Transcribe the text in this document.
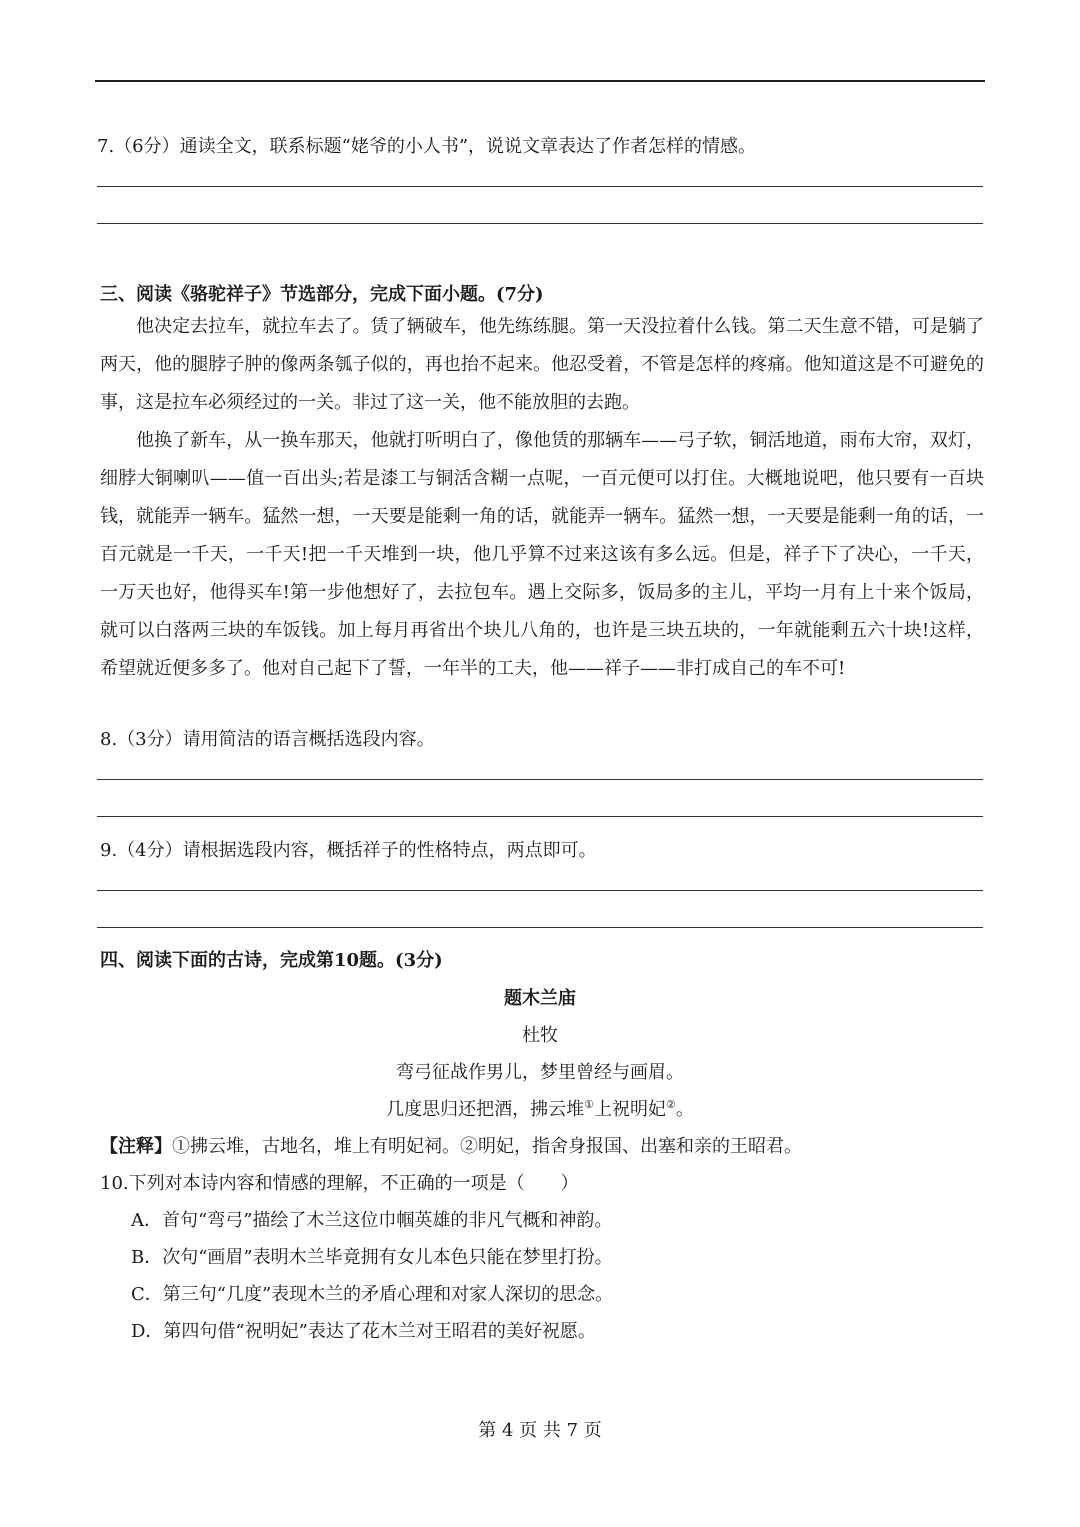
7.（6分）通读全文，联系标题“姥爷的小人书”，说说文章表达了作者怎样的情感。
三、阅读《骆驼祥子》节选部分，完成下面小题。(7分)

他决定去拉车，就拉车去了。赁了辆破车，他先练练腿。第一天没拉着什么钱。第二天生意不错，可是躺了两天，他的腿脖子肿的像两条瓠子似的，再也抬不起来。他忍受着，不管是怎样的疼痛。他知道这是不可避免的事，这是拉车必须经过的一关。非过了这一关，他不能放胆的去跑。

他换了新车，从一换车那天，他就打听明白了，像他赁的那辆车——弓子软，铜活地道，雨布大帘，双灯，细脖大铜喇叭——值一百出头;若是漆工与铜活含糊一点呢，一百元便可以打住。大概地说吧，他只要有一百块钱，就能弄一辆车。猛然一想，一天要是能剩一角的话，就能弄一辆车。猛然一想，一天要是能剩一角的话，一百元就是一千天，一千天!把一千天堆到一块，他几乎算不过来这该有多么远。但是，祥子下了决心，一千天，一万天也好，他得买车!第一步他想好了，去拉包车。遇上交际多，饭局多的主儿，平均一月有上十来个饭局，就可以白落两三块的车饭钱。加上每月再省出个块儿八角的，也许是三块五块的，一年就能剩五六十块!这样，希望就近便多多了。他对自己起下了誓，一年半的工夫，他——祥子——非打成自己的车不可!

8.（3分）请用简洁的语言概括选段内容。
9.（4分）请根据选段内容，概括祥子的性格特点，两点即可。
四、阅读下面的古诗，完成第10题。(3分)
题木兰庙
杜牧
弯弓征战作男儿，梦里曾经与画眉。
几度思归还把酒，拂云堆①上祝明妃②。
【注释】①拂云堆，古地名，堆上有明妃祠。②明妃，指舍身报国、出塞和亲的王昭君。
10.下列对本诗内容和情感的理解，不正确的一项是（　　）
A．首句“弯弓”描绘了木兰这位巾帼英雄的非凡气概和神韵。
B．次句“画眉”表明木兰毕竟拥有女儿本色只能在梦里打扮。
C．第三句“几度”表现木兰的矛盾心理和对家人深切的思念。
D．第四句借“祝明妃”表达了花木兰对王昭君的美好祝愿。
第 4 页 共 7 页
